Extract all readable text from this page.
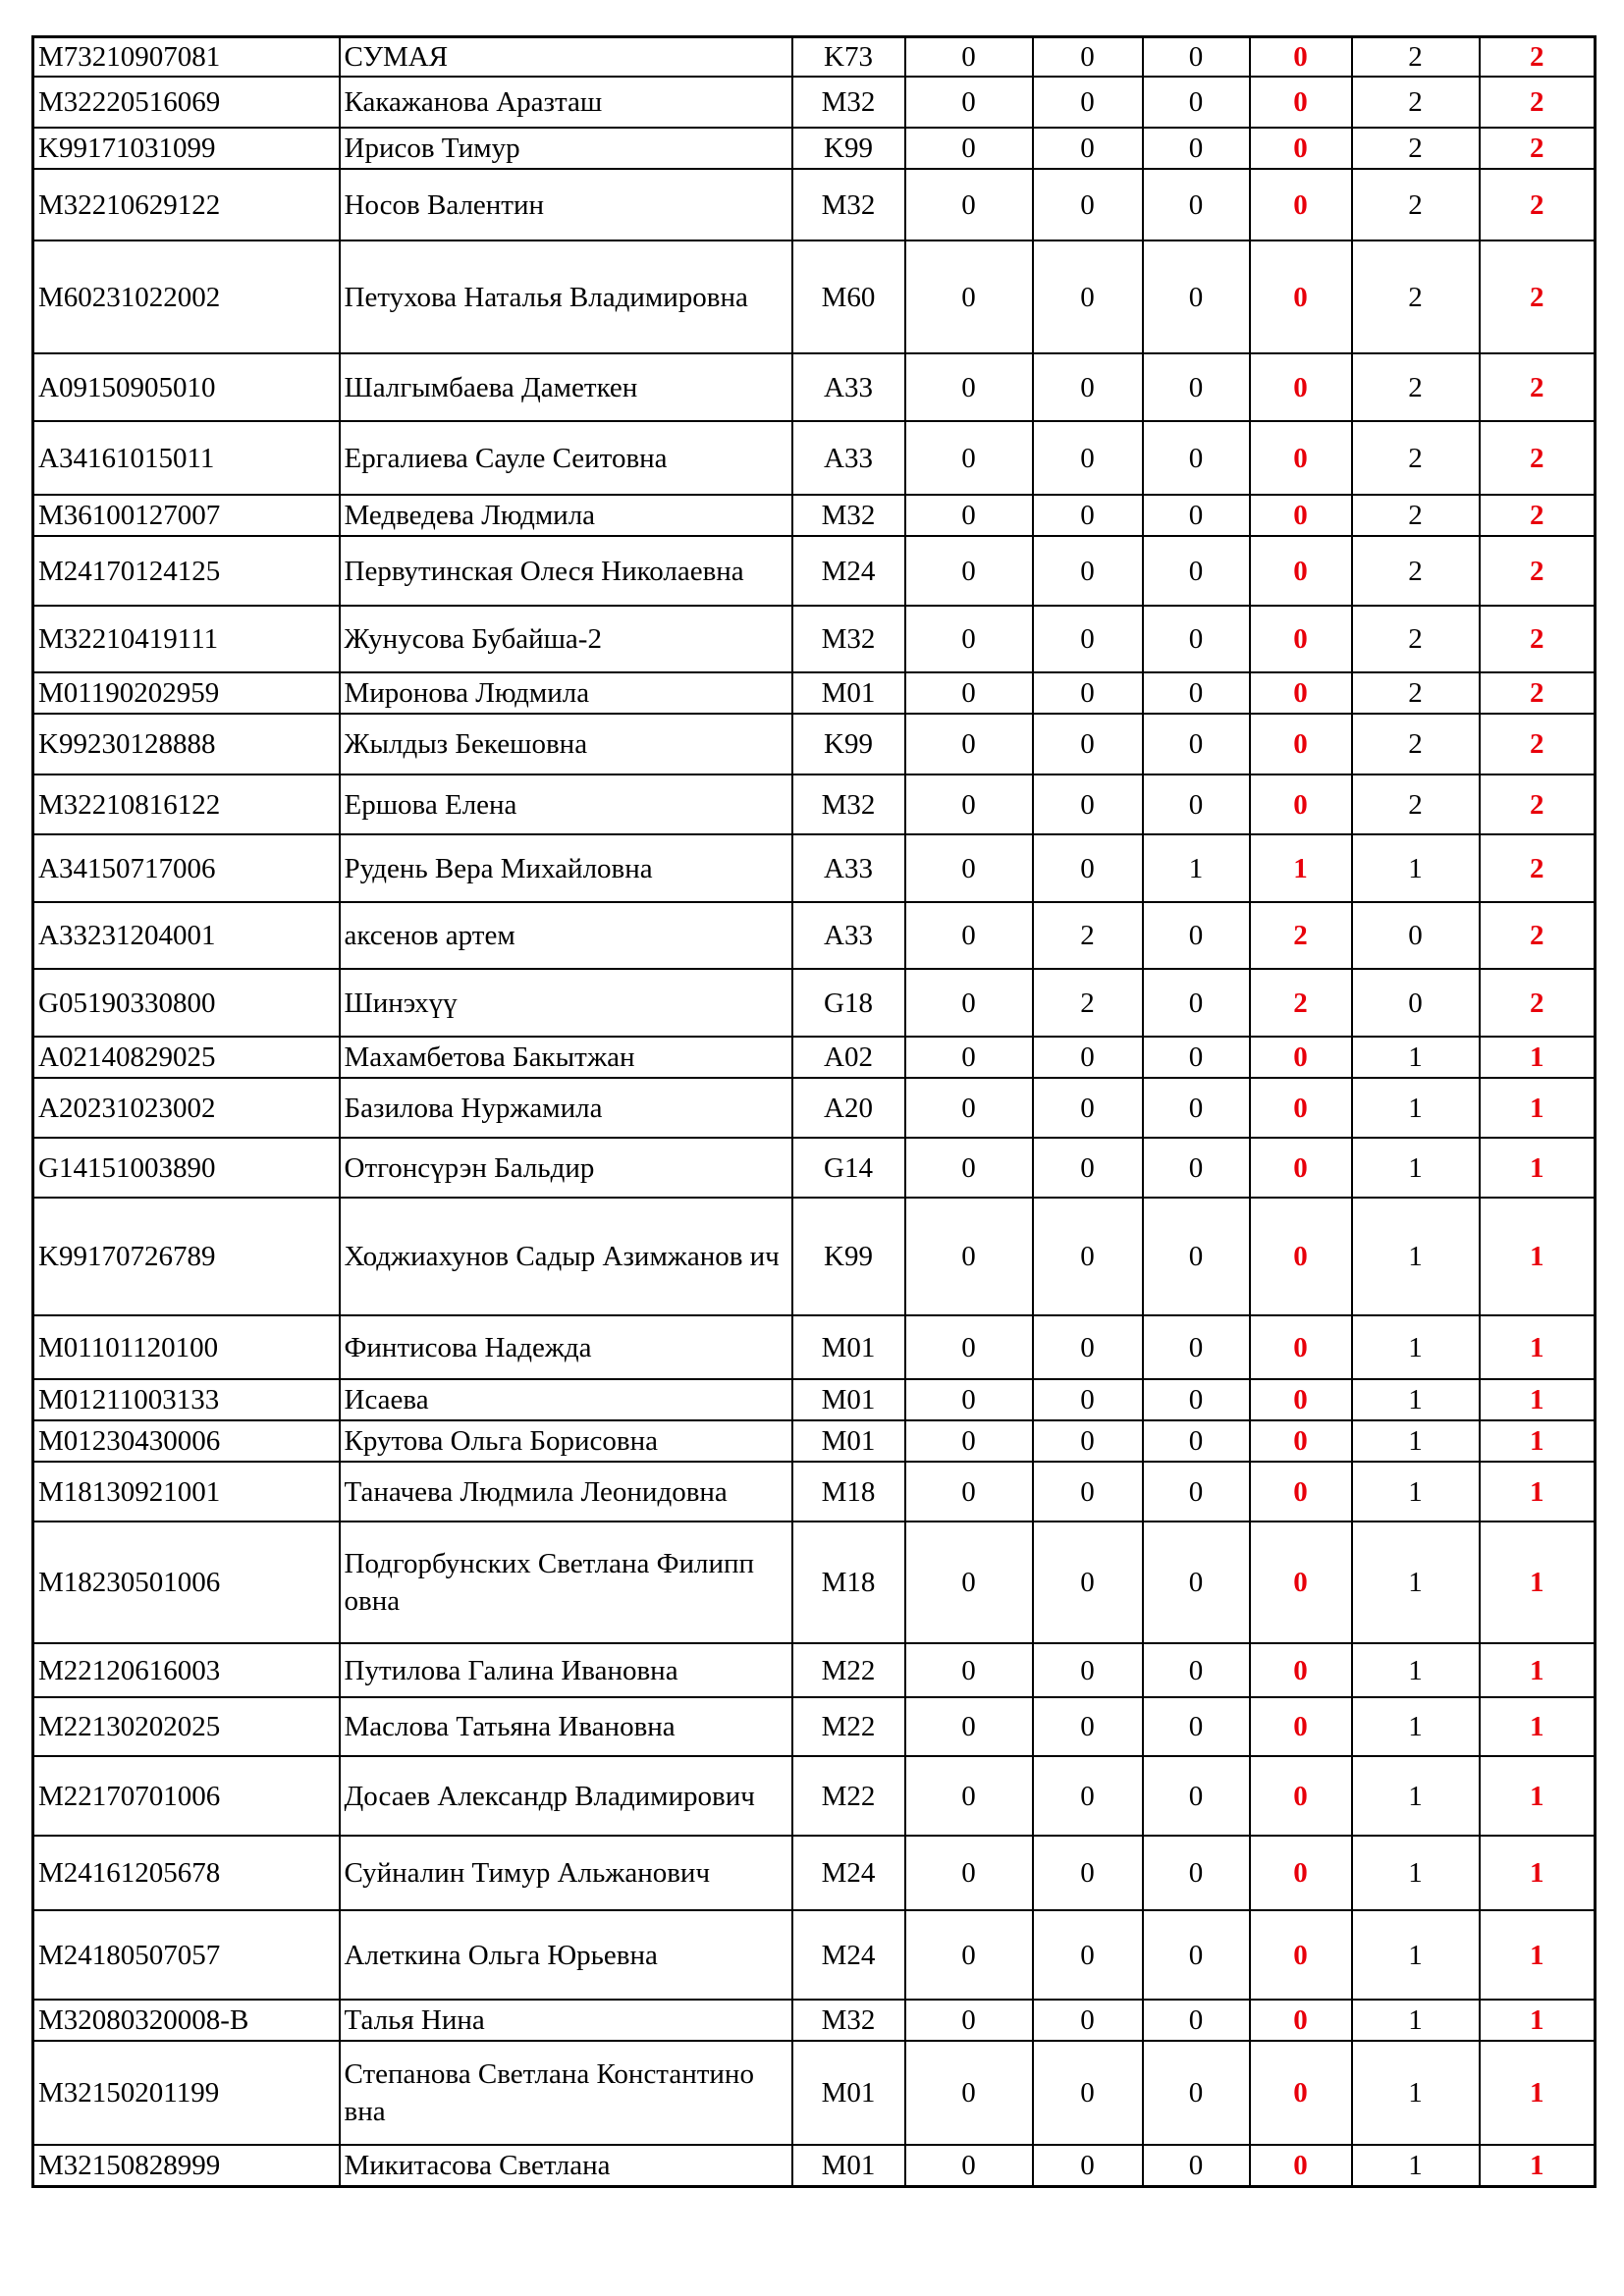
M73210907081	СУМАЯ	K73	0	0	0	0	2	2
M32220516069	Какажанова Аразташ	M32	0	0	0	0	2	2
K99171031099	Ирисов Тимур	K99	0	0	0	0	2	2
M32210629122	Носов Валентин	M32	0	0	0	0	2	2
M60231022002	Петухова Наталья Владимировна	M60	0	0	0	0	2	2
A09150905010	Шалгымбаева Даметкен	A33	0	0	0	0	2	2
A34161015011	Ергалиева Сауле Сеитовна	A33	0	0	0	0	2	2
M36100127007	Медведева Людмила	M32	0	0	0	0	2	2
M24170124125	Первутинская Олеся Николаевна	M24	0	0	0	0	2	2
M32210419111	Жунусова Бубайша-2	M32	0	0	0	0	2	2
M01190202959	Миронова Людмила	M01	0	0	0	0	2	2
K99230128888	Жылдыз Бекешовна	K99	0	0	0	0	2	2
M32210816122	Ершова Елена	M32	0	0	0	0	2	2
A34150717006	Рудень Вера Михайловна	A33	0	0	1	1	1	2
A33231204001	аксенов артем	A33	0	2	0	2	0	2
G05190330800	Шинэхүү	G18	0	2	0	2	0	2
A02140829025	Махамбетова Бакытжан	A02	0	0	0	0	1	1
A20231023002	Базилова Нуржамила	A20	0	0	0	0	1	1
G14151003890	Отгонсүрэн Бальдир	G14	0	0	0	0	1	1
K99170726789	Ходжиахунов Садыр Азимжанов ич	K99	0	0	0	0	1	1
M01101120100	Финтисова Надежда	M01	0	0	0	0	1	1
M01211003133	Исаева	M01	0	0	0	0	1	1
M01230430006	Крутова Ольга Борисовна	M01	0	0	0	0	1	1
M18130921001	Таначева Людмила Леонидовна	M18	0	0	0	0	1	1
M18230501006	Подгорбунских Светлана Филипп овна	M18	0	0	0	0	1	1
M22120616003	Путилова Галина Ивановна	M22	0	0	0	0	1	1
M22130202025	Маслова Татьяна Ивановна	M22	0	0	0	0	1	1
M22170701006	Досаев Александр Владимирович	M22	0	0	0	0	1	1
M24161205678	Суйналин Тимур Альжанович	M24	0	0	0	0	1	1
M24180507057	Алеткина Ольга Юрьевна	M24	0	0	0	0	1	1
M32080320008-B	Талья Нина	M32	0	0	0	0	1	1
M32150201199	Степанова Светлана Константино вна	M01	0	0	0	0	1	1
M32150828999	Микитасова Светлана	M01	0	0	0	0	1	1
